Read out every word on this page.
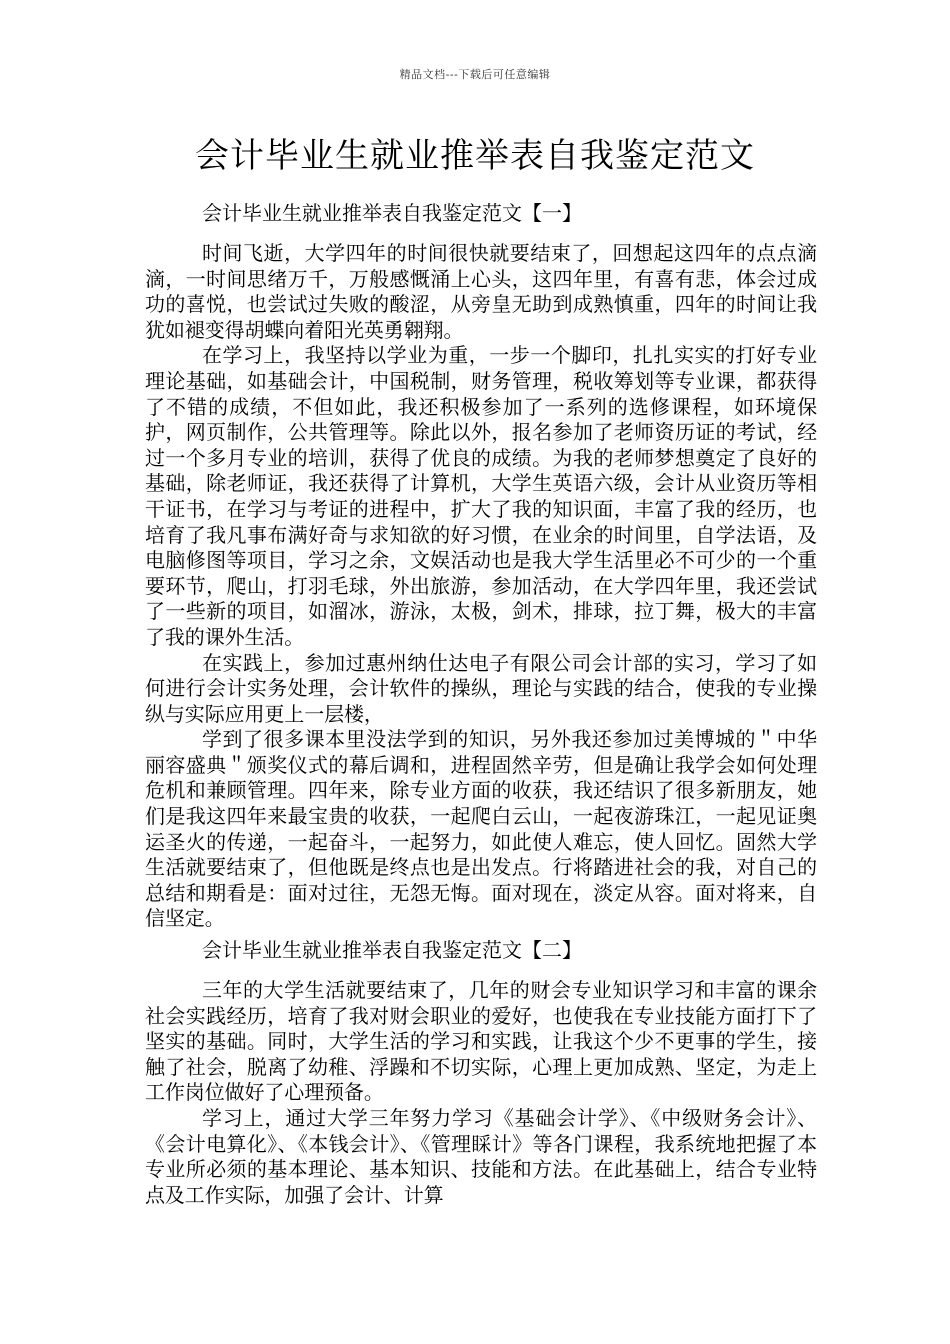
精品文档---下载后可任意编辑
会计毕业生就业推举表自我鉴定范文

会计毕业生就业推举表自我鉴定范文【一】

时间飞逝，大学四年的时间很快就要结束了，回想起这四年的点点滴滴，一时间思绪万千，万般感慨涌上心头，这四年里，有喜有悲，体会过成功的喜悦，也尝试过失败的酸涩，从旁皇无助到成熟慎重，四年的时间让我犹如褪变得胡蝶向着阳光英勇翱翔。

在学习上，我坚持以学业为重，一步一个脚印，扎扎实实的打好专业理论基础，如基础会计，中国税制，财务管理，税收筹划等专业课，都获得了不错的成绩，不但如此，我还积极参加了一系列的选修课程，如环境保护，网页制作，公共管理等。除此以外，报名参加了老师资历证的考试，经过一个多月专业的培训，获得了优良的成绩。为我的老师梦想奠定了良好的基础，除老师证，我还获得了计算机，大学生英语六级，会计从业资历等相干证书，在学习与考证的进程中，扩大了我的知识面，丰富了我的经历，也培育了我凡事布满好奇与求知欲的好习惯，在业余的时间里，自学法语，及电脑修图等项目，学习之余，文娱活动也是我大学生活里必不可少的一个重要环节，爬山，打羽毛球，外出旅游，参加活动，在大学四年里，我还尝试了一些新的项目，如溜冰，游泳，太极，剑术，排球，拉丁舞，极大的丰富了我的课外生活。

在实践上，参加过惠州纳仕达电子有限公司会计部的实习，学习了如何进行会计实务处理，会计软件的操纵，理论与实践的结合，使我的专业操纵与实际应用更上一层楼，

学到了很多课本里没法学到的知识，另外我还参加过美博城的＂中华丽容盛典＂颁奖仪式的幕后调和，进程固然辛劳，但是确让我学会如何处理危机和兼顾管理。四年来，除专业方面的收获，我还结识了很多新朋友，她们是我这四年来最宝贵的收获，一起爬白云山，一起夜游珠江，一起见证奥运圣火的传递，一起奋斗，一起努力，如此使人难忘，使人回忆。固然大学生活就要结束了，但他既是终点也是出发点。行将踏进社会的我，对自己的总结和期看是：面对过往，无怨无悔。面对现在，淡定从容。面对将来，自信坚定。

会计毕业生就业推举表自我鉴定范文【二】

三年的大学生活就要结束了，几年的财会专业知识学习和丰富的课余社会实践经历，培育了我对财会职业的爱好，也使我在专业技能方面打下了坚实的基础。同时，大学生活的学习和实践，让我这个少不更事的学生，接触了社会，脱离了幼稚、浮躁和不切实际，心理上更加成熟、坚定，为走上工作岗位做好了心理预备。

学习上，通过大学三年努力学习《基础会计学》、《中级财务会计》、《会计电算化》、《本钱会计》、《管理睬计》等各门课程，我系统地把握了本专业所必须的基本理论、基本知识、技能和方法。在此基础上，结合专业特点及工作实际，加强了会计、计算
